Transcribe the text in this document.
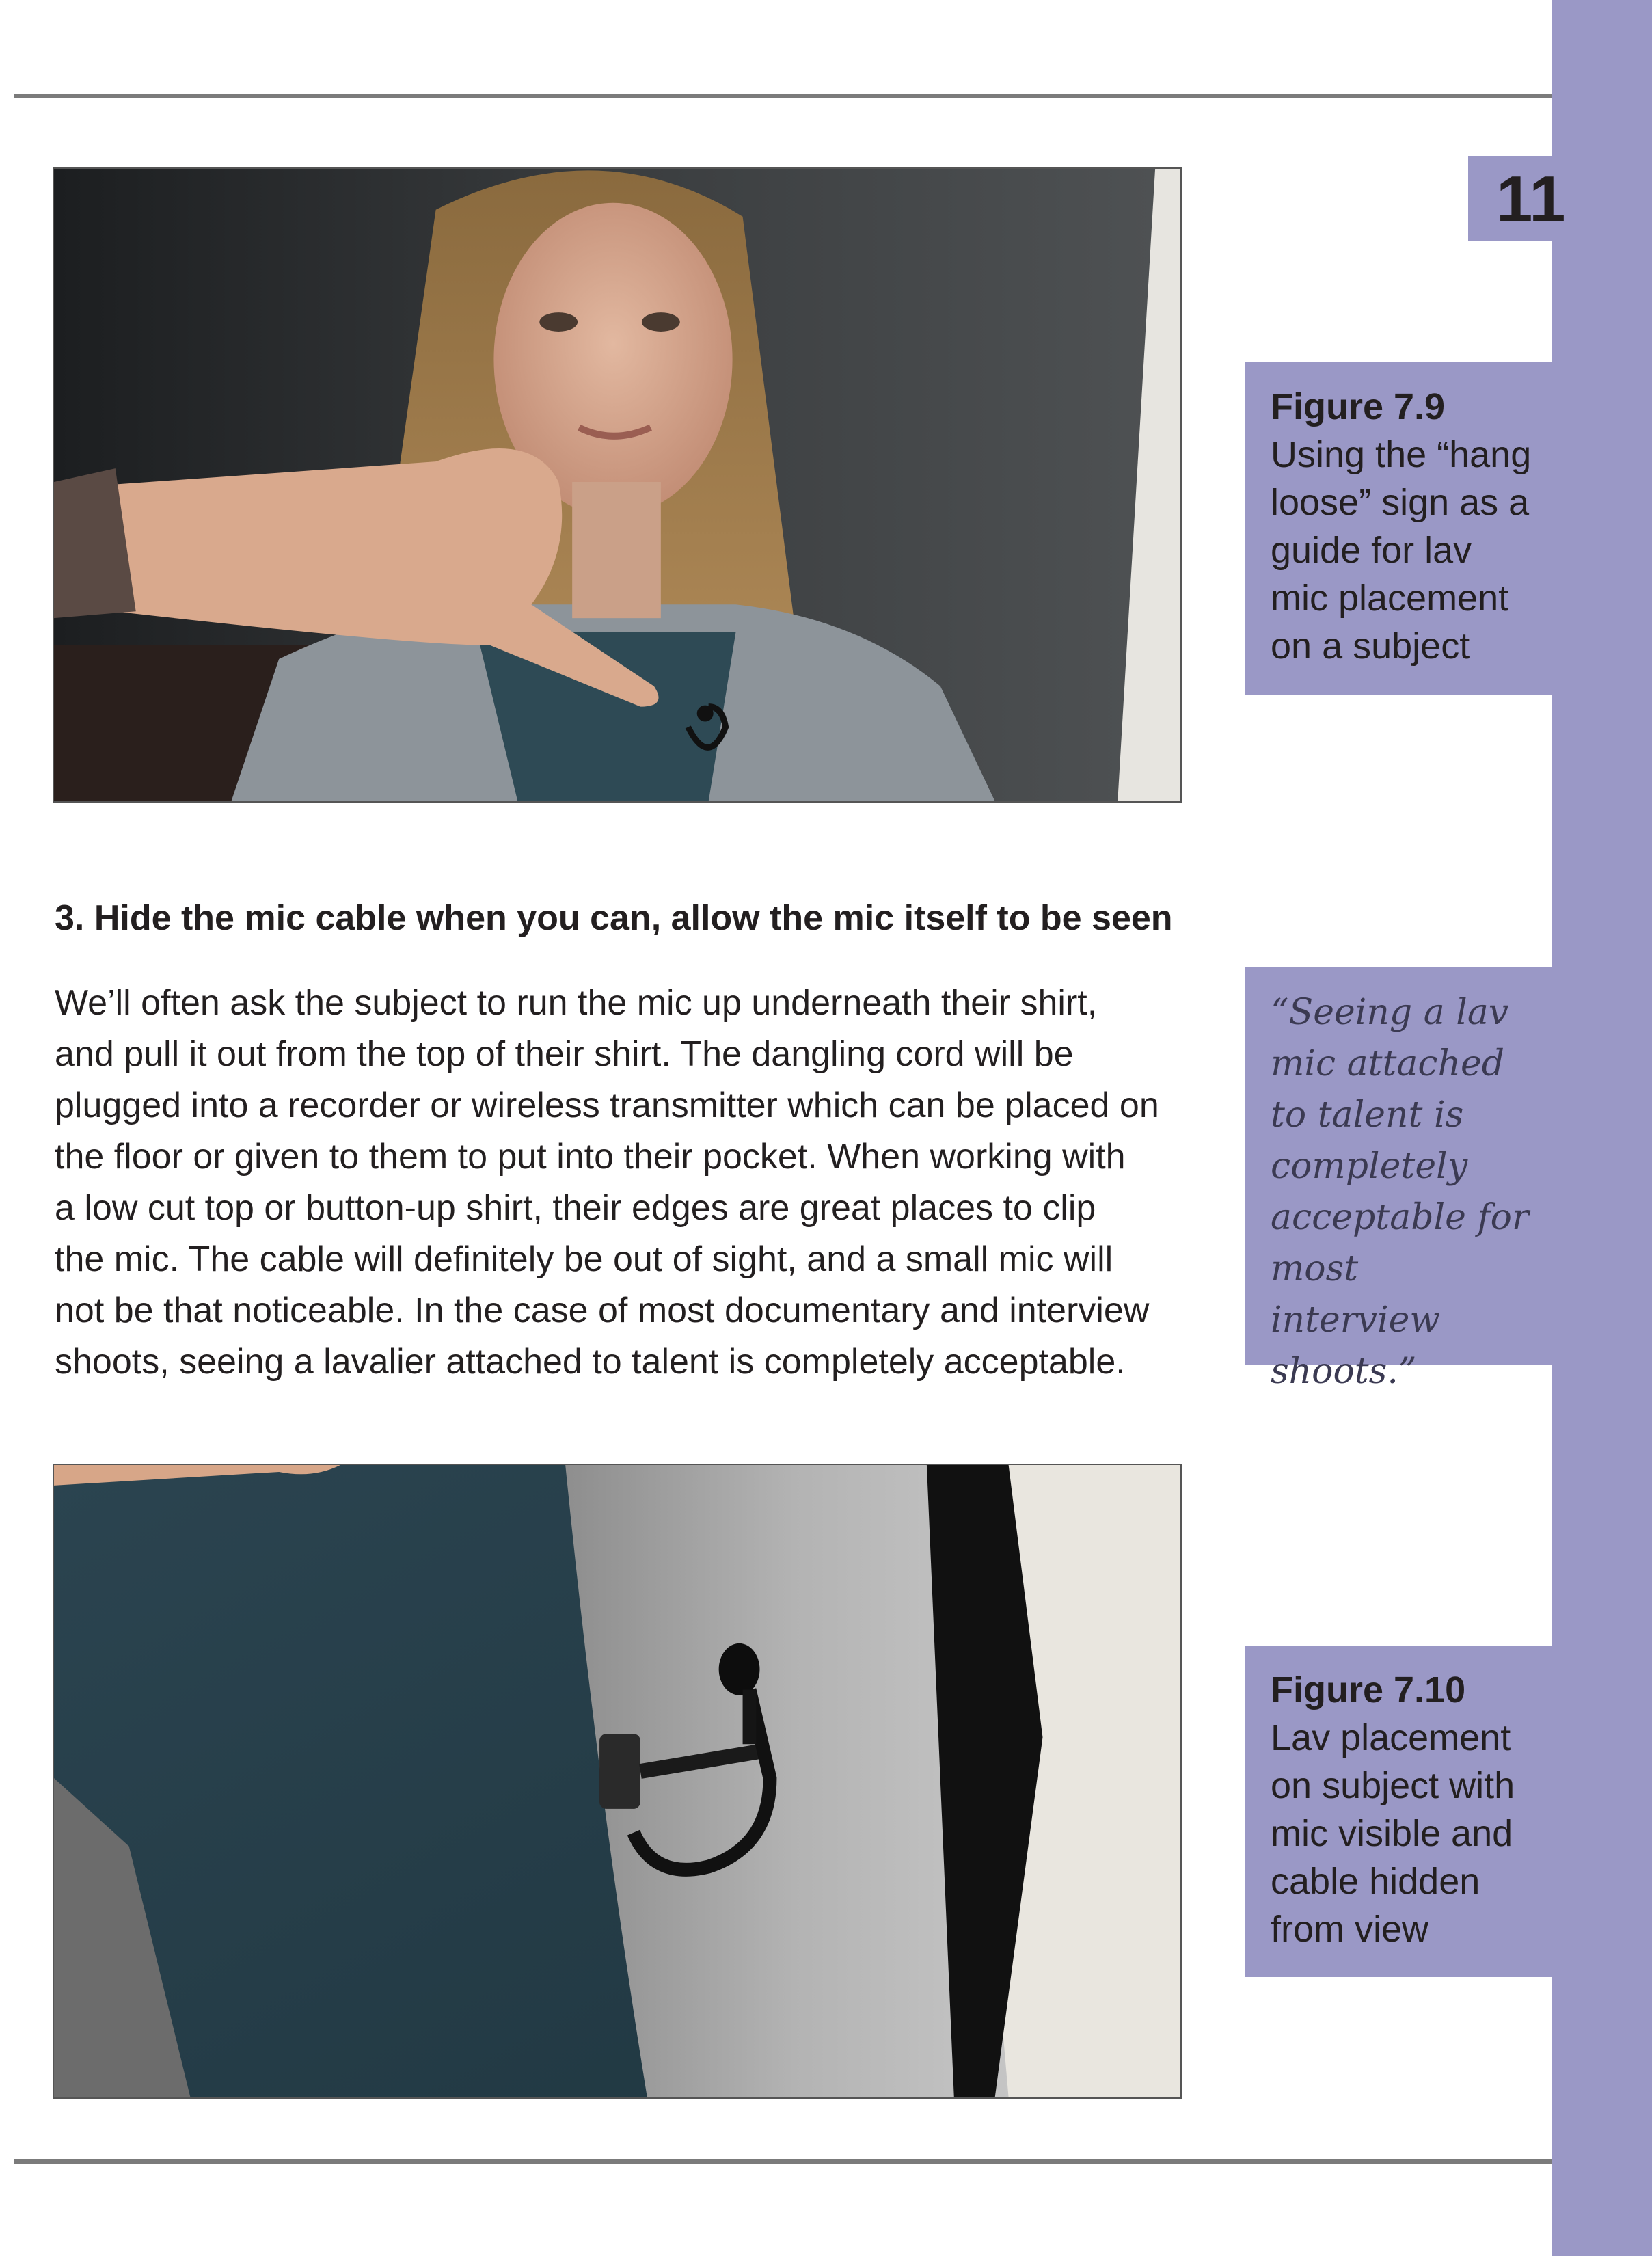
11
Figure 7.9
Using the “hang loose” sign as a guide for lav mic placement on a subject
3. Hide the mic cable when you can, allow the mic itself to be seen
We’ll often ask the subject to run the mic up underneath their shirt,
and pull it out from the top of their shirt. The dangling cord will be
plugged into a recorder or wireless transmitter which can be placed on
the floor or given to them to put into their pocket. When working with
a low cut top or button-up shirt, their edges are great places to clip
the mic. The cable will definitely be out of sight, and a small mic will
not be that noticeable. In the case of most documentary and interview
shoots, seeing a lavalier attached to talent is completely acceptable.
“Seeing a lav
mic attached
to talent is
completely
acceptable for
most interview
shoots.”
Figure 7.10
Lav placement on subject with mic visible and cable hidden from view
